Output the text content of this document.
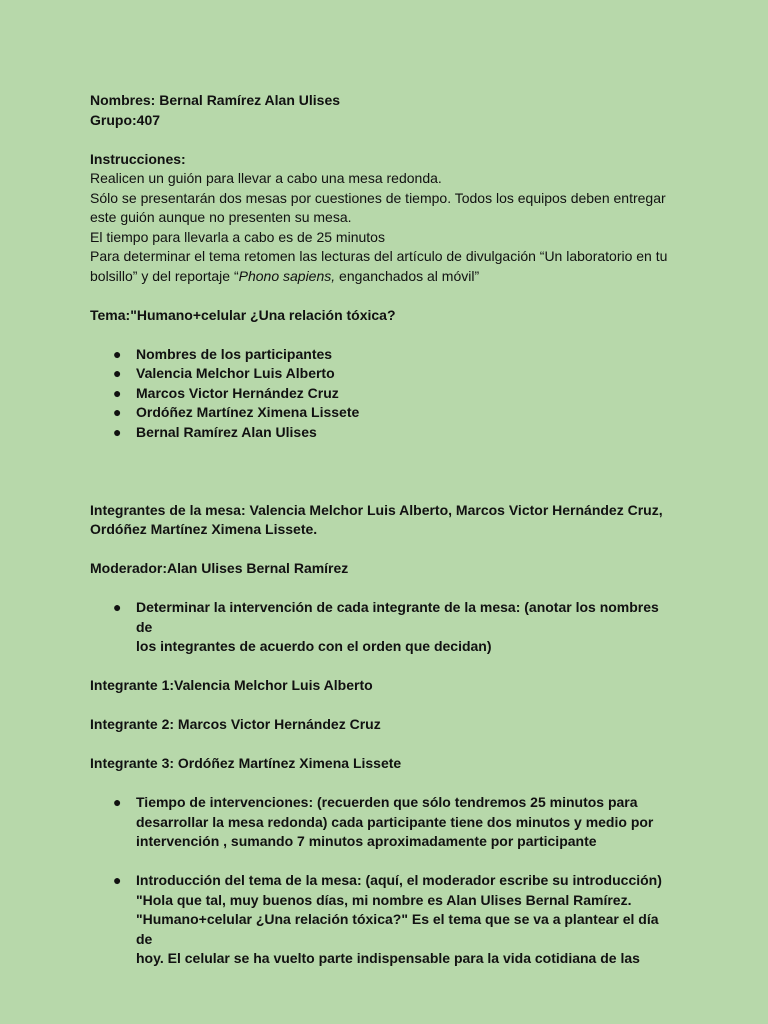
Nombres: Bernal Ramírez Alan Ulises

Grupo:407

Instrucciones:

Realicen un guión para llevar a cabo una mesa redonda.

Sólo se presentarán dos mesas por cuestiones de tiempo. Todos los equipos deben entregar

este guión aunque no presenten su mesa.

El tiempo para llevarla a cabo es de 25 minutos

Para determinar el tema retomen las lecturas del artículo de divulgación “Un laboratorio en tu

bolsillo” y del reportaje “Phono sapiens, enganchados al móvil”

Tema:"Humano+celular ¿Una relación tóxica?

● Nombres de los participantes
● Valencia Melchor Luis Alberto
● Marcos Victor Hernández Cruz
● Ordóñez Martínez Ximena Lissete
● Bernal Ramírez Alan Ulises

Integrantes de la mesa: Valencia Melchor Luis Alberto, Marcos Victor Hernández Cruz,

Ordóñez Martínez Ximena Lissete.

Moderador:Alan Ulises Bernal Ramírez

● Determinar la intervención de cada integrante de la mesa: (anotar los nombres de
los integrantes de acuerdo con el orden que decidan)

Integrante 1:Valencia Melchor Luis Alberto

Integrante 2: Marcos Victor Hernández Cruz

Integrante 3: Ordóñez Martínez Ximena Lissete

● Tiempo de intervenciones: (recuerden que sólo tendremos 25 minutos para
desarrollar la mesa redonda) cada participante tiene dos minutos y medio por
intervención , sumando 7 minutos aproximadamente por participante
● Introducción del tema de la mesa: (aquí, el moderador escribe su introducción)
"Hola que tal, muy buenos días, mi nombre es Alan Ulises Bernal Ramírez.
"Humano+celular ¿Una relación tóxica?" Es el tema que se va a plantear el día de
hoy. El celular se ha vuelto parte indispensable para la vida cotidiana de las
